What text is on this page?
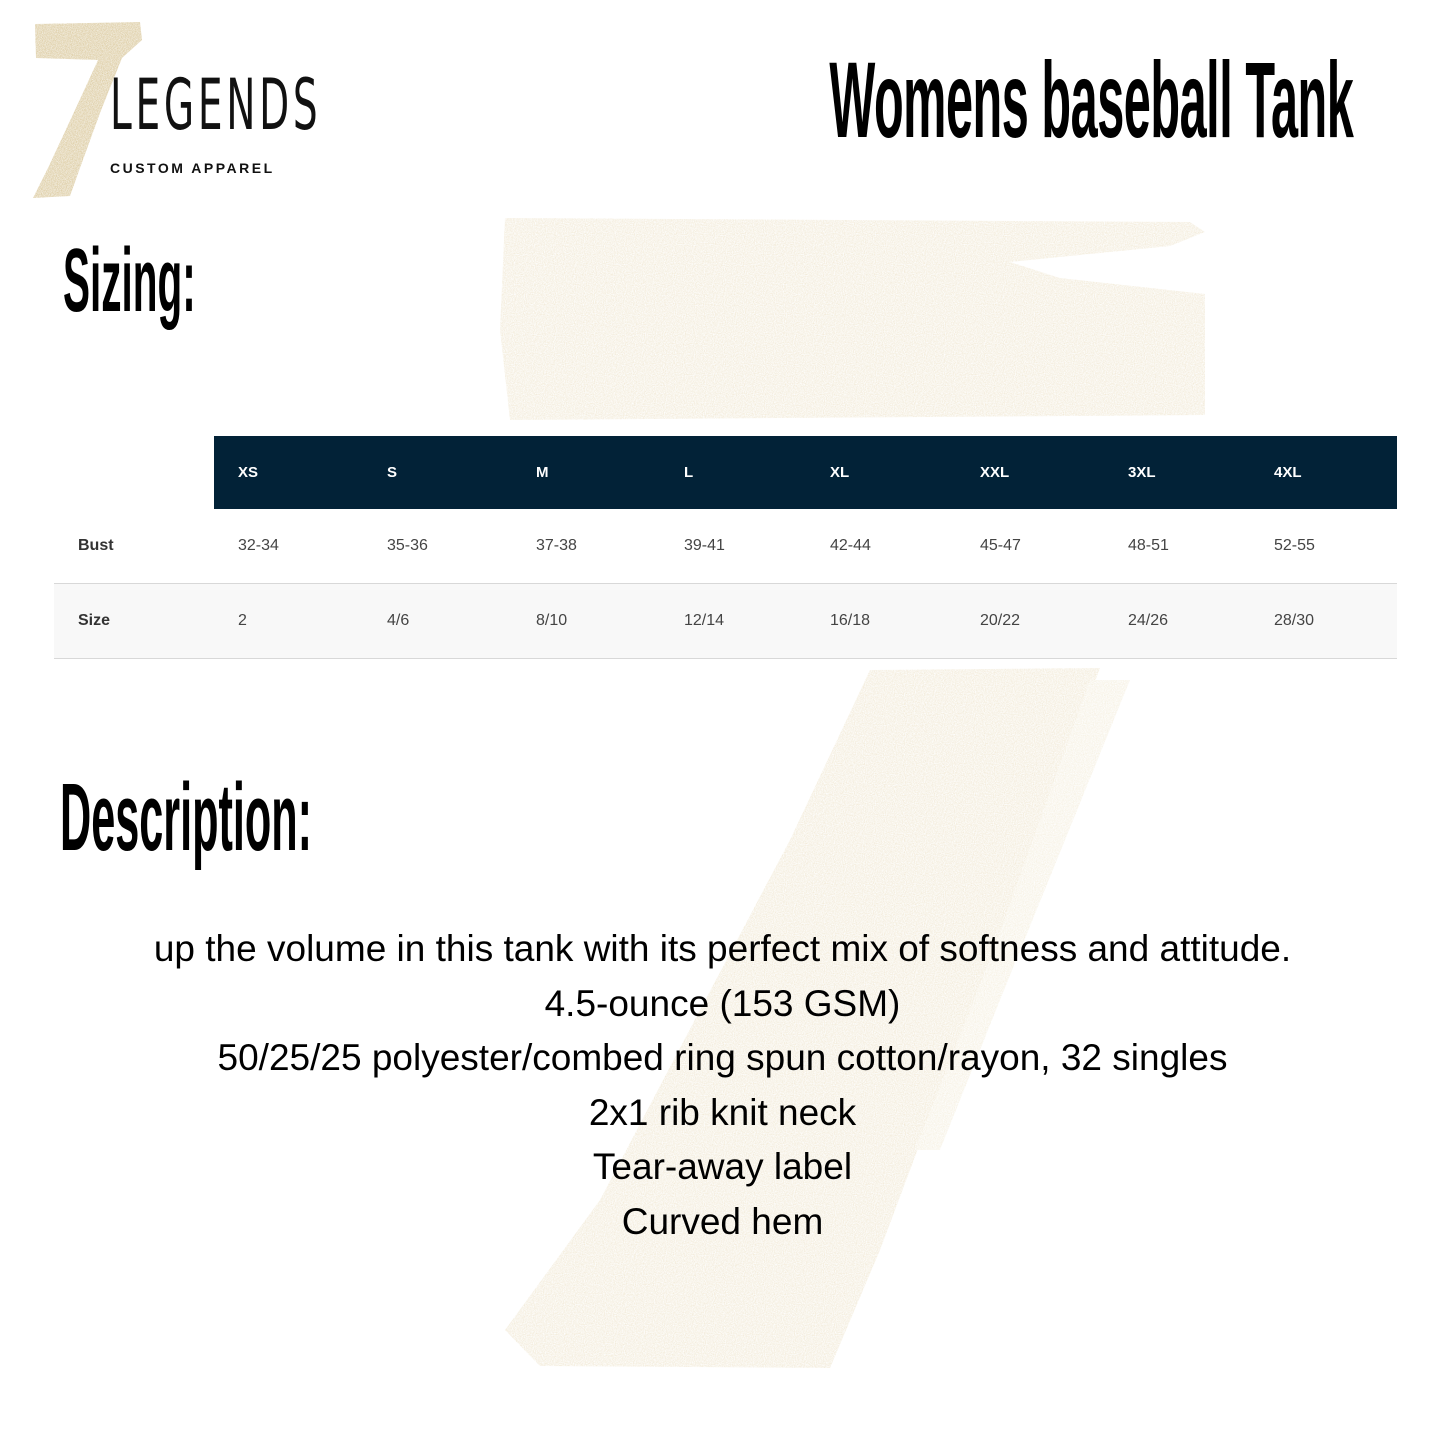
LEGENDS
CUSTOM APPAREL
Womens baseball Tank
Sizing:
	XS	S	M	L	XL	XXL	3XL	4XL
Bust	32-34	35-36	37-38	39-41	42-44	45-47	48-51	52-55
Size	2	4/6	8/10	12/14	16/18	20/22	24/26	28/30
Description:
up the volume in this tank with its perfect mix of softness and attitude.
4.5-ounce (153 GSM)
50/25/25 polyester/combed ring spun cotton/rayon, 32 singles
2x1 rib knit neck
Tear-away label
Curved hem
